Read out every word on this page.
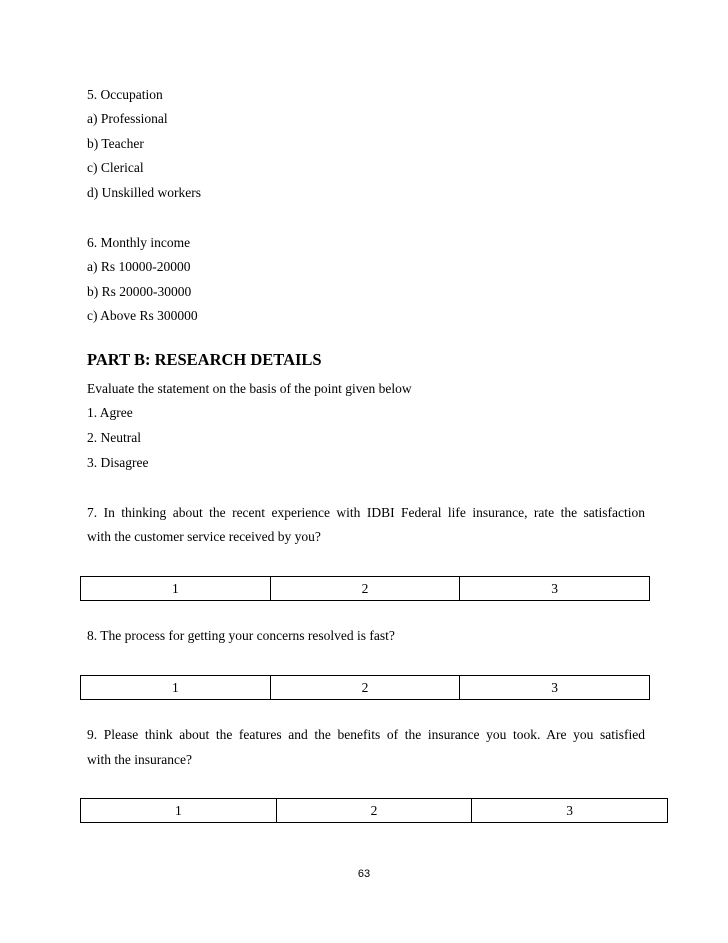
5. Occupation
a) Professional
b) Teacher
c) Clerical
d) Unskilled workers
6. Monthly income
a) Rs 10000-20000
b) Rs 20000-30000
c) Above Rs 300000
PART B: RESEARCH DETAILS
Evaluate the statement on the basis of the point given below
1. Agree
2. Neutral
3. Disagree
7. In thinking about the recent experience with IDBI Federal life insurance, rate the satisfaction
with the customer service received by you?
1	2	3
8. The process for getting your concerns resolved is fast?
1	2	3
9. Please think about the features and the benefits of the insurance you took. Are you satisfied
with the insurance?
1	2	3
63
